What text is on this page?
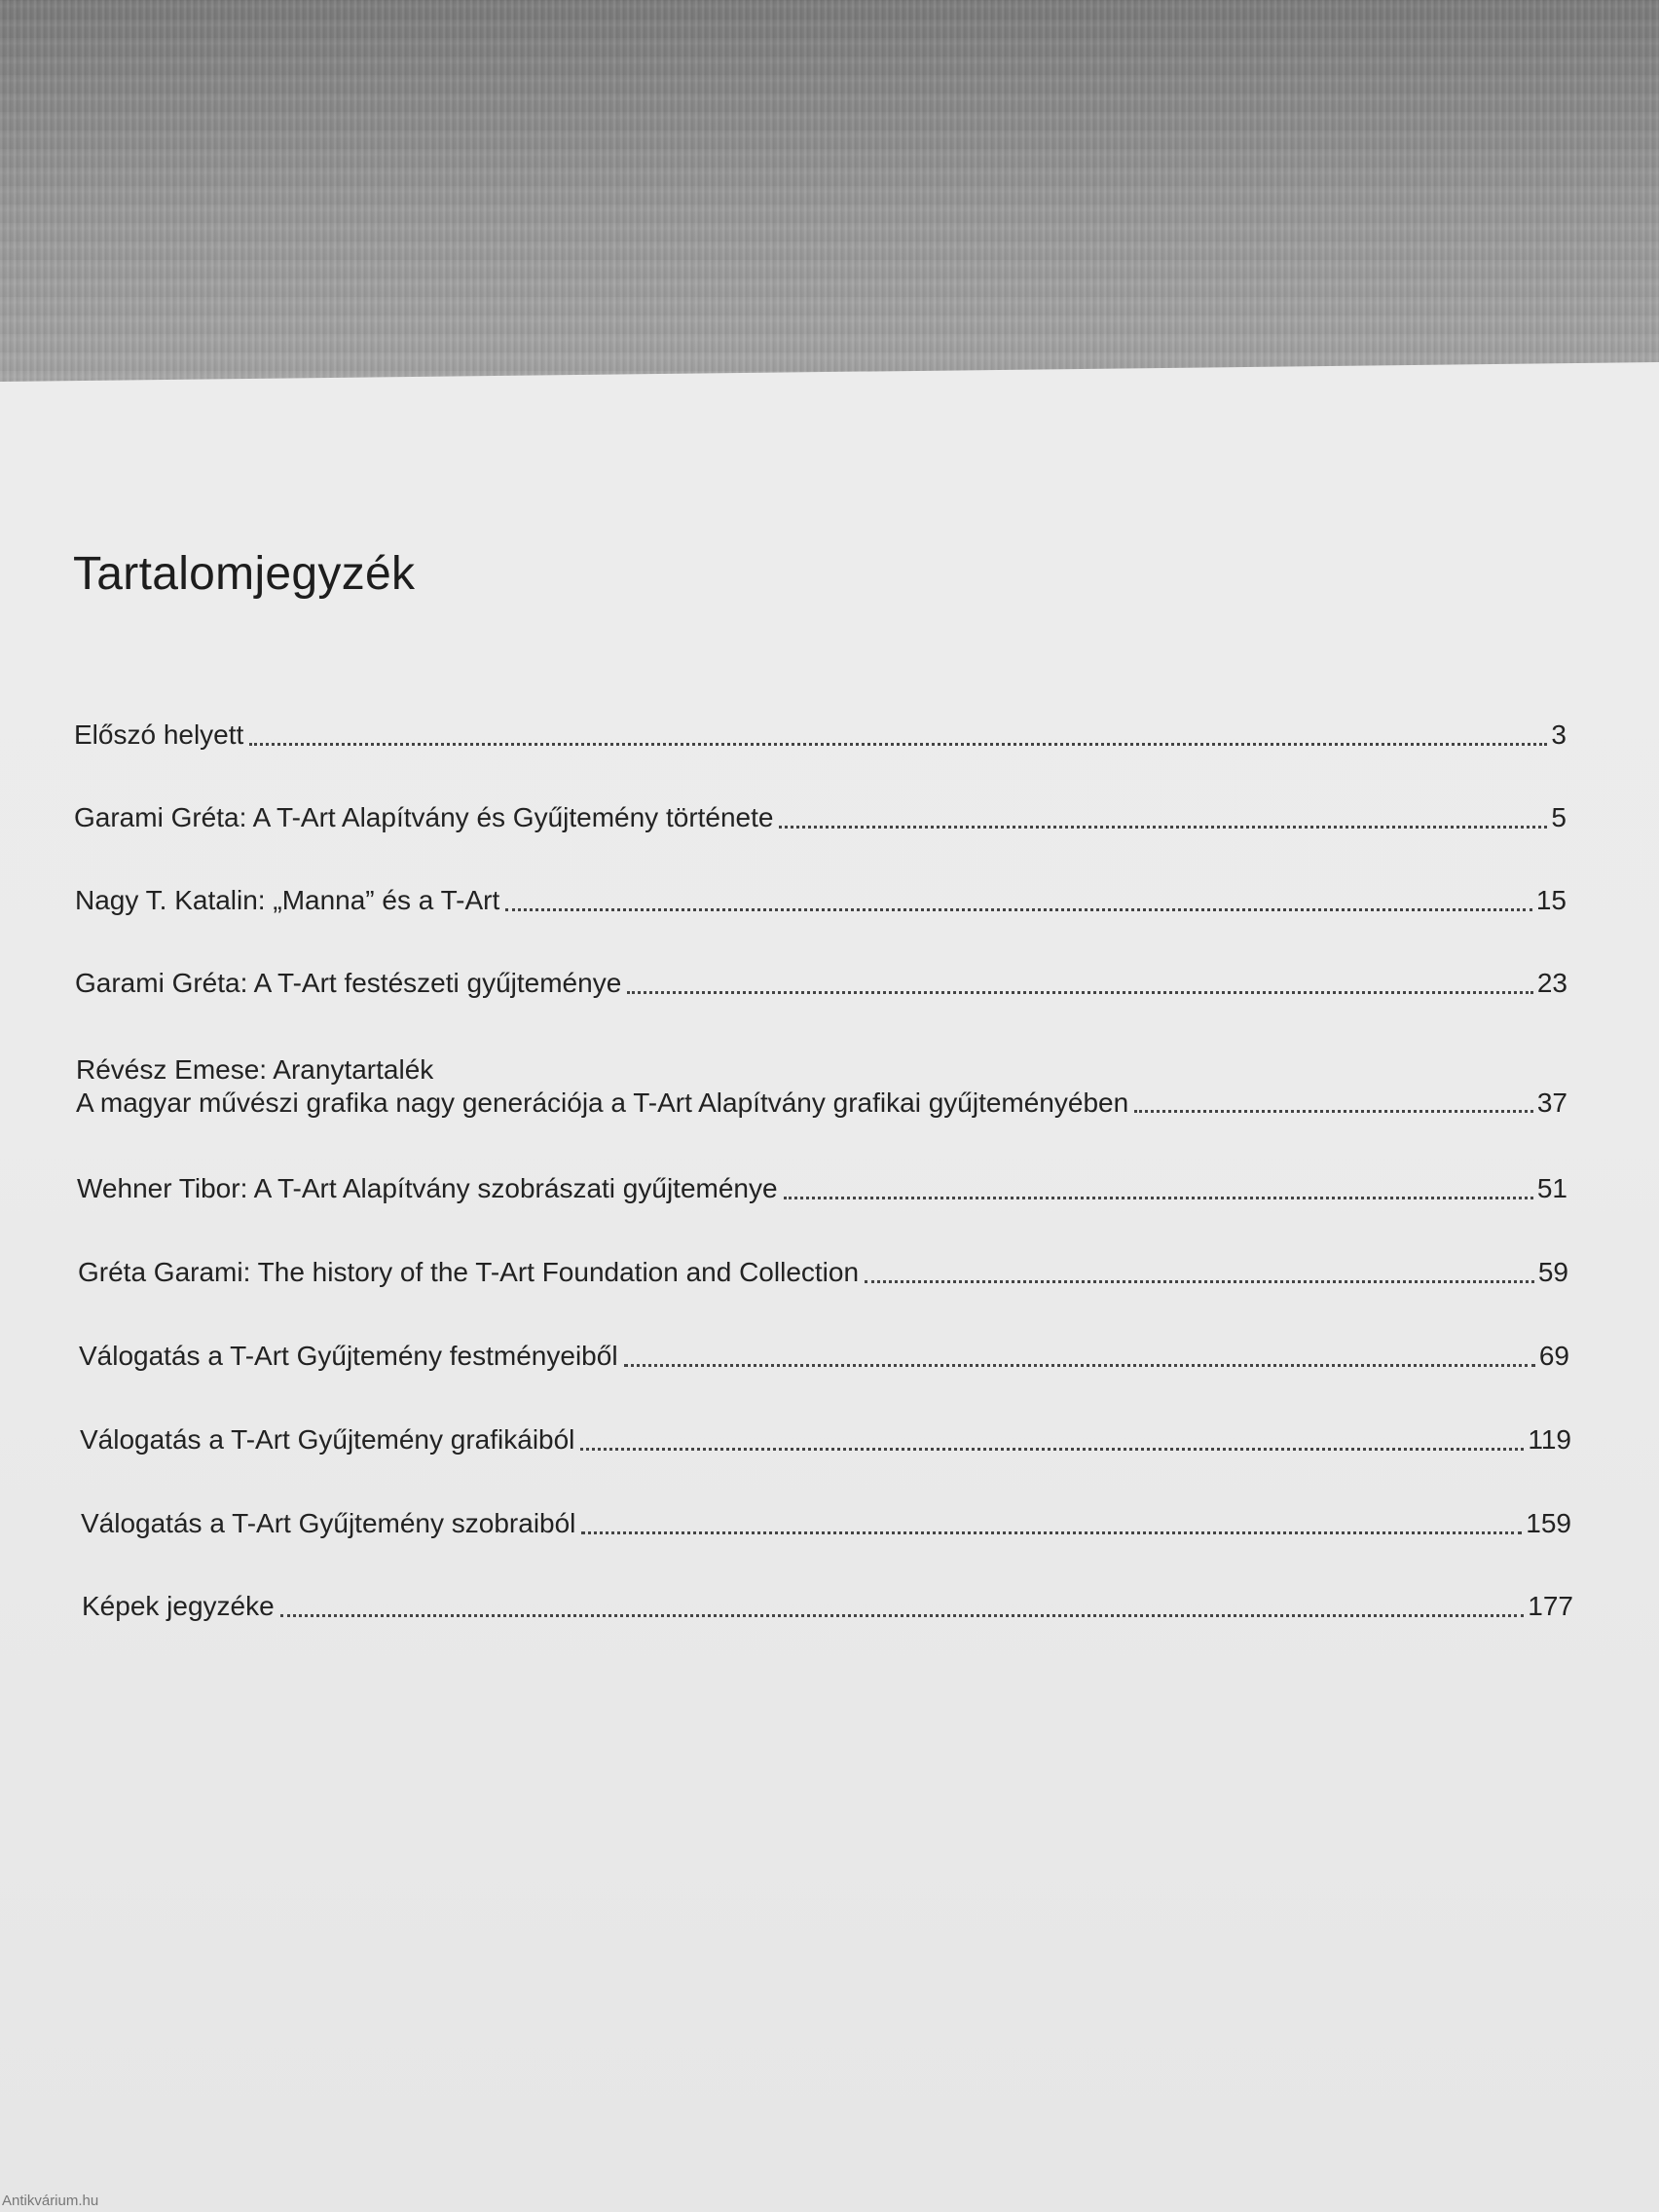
Tartalomjegyzék
Előszó helyett	3
Garami Gréta: A T-Art Alapítvány és Gyűjtemény története	5
Nagy T. Katalin: „Manna” és a T-Art	15
Garami Gréta: A T-Art festészeti gyűjteménye	23
Révész Emese: Aranytartalék
A magyar művészi grafika nagy generációja a T-Art Alapítvány grafikai gyűjteményében	37
Wehner Tibor: A T-Art Alapítvány szobrászati gyűjteménye	51
Gréta Garami: The history of the T-Art Foundation and Collection	59
Válogatás a T-Art Gyűjtemény festményeiből	69
Válogatás a T-Art Gyűjtemény grafikáiból	119
Válogatás a T-Art Gyűjtemény szobraiból	159
Képek jegyzéke	177
Antikvárium.hu
